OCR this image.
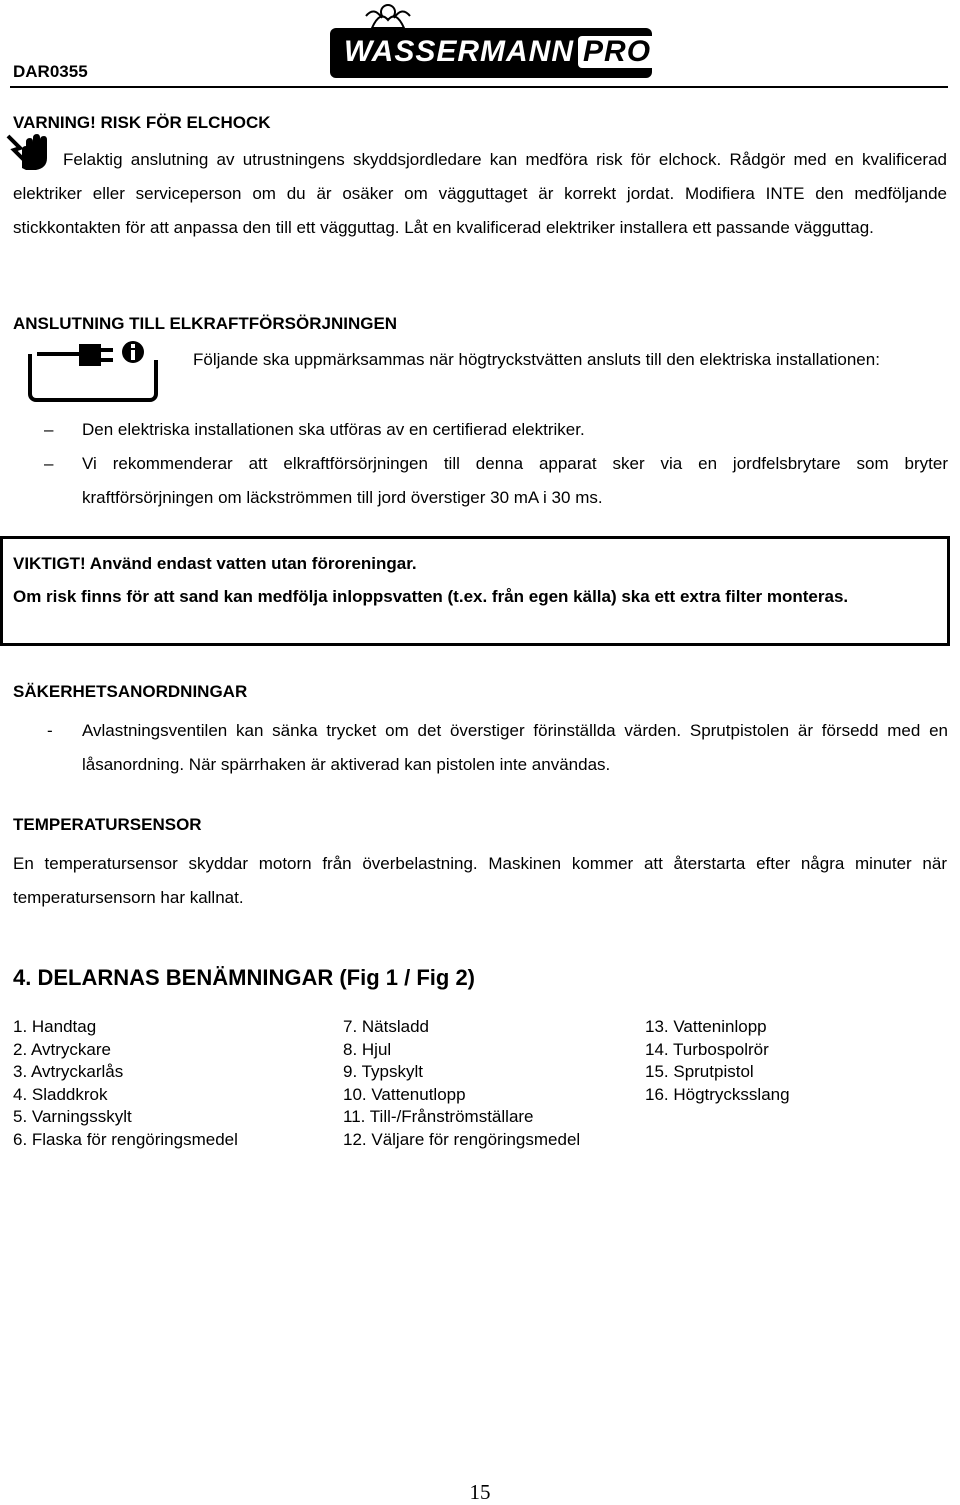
DAR0355
WASSERMANN PRO
VARNING! RISK FÖR ELCHOCK
Felaktig anslutning av utrustningens skyddsjordledare kan medföra risk för elchock. Rådgör med en kvalificerad elektriker eller serviceperson om du är osäker om vägguttaget är korrekt jordat. Modifiera INTE den medföljande stickkontakten för att anpassa den till ett vägguttag. Låt en kvalificerad elektriker installera ett passande vägguttag.
ANSLUTNING TILL ELKRAFTFÖRSÖRJNINGEN
Följande ska uppmärksammas när högtryckstvätten ansluts till den elektriska installationen:
– Den elektriska installationen ska utföras av en certifierad elektriker.
– Vi rekommenderar att elkraftförsörjningen till denna apparat sker via en jordfelsbrytare som bryter kraftförsörjningen om läckströmmen till jord överstiger 30 mA i 30 ms.
VIKTIGT! Använd endast vatten utan föroreningar.
Om risk finns för att sand kan medfölja inloppsvatten (t.ex. från egen källa) ska ett extra filter monteras.
SÄKERHETSANORDNINGAR
- Avlastningsventilen kan sänka trycket om det överstiger förinställda värden. Sprutpistolen är försedd med en låsanordning. När spärrhaken är aktiverad kan pistolen inte användas.
TEMPERATURSENSOR
En temperatursensor skyddar motorn från överbelastning. Maskinen kommer att återstarta efter några minuter när temperatursensorn har kallnat.
4. DELARNAS BENÄMNINGAR (Fig 1 / Fig 2)
1. Handtag
2. Avtryckare
3. Avtryckarlås
4. Sladdkrok
5. Varningsskylt
6. Flaska för rengöringsmedel
7. Nätsladd
8. Hjul
9. Typskylt
10. Vattenutlopp
11. Till-/Frånströmställare
12. Väljare för rengöringsmedel
13. Vatteninlopp
14. Turbospolrör
15. Sprutpistol
16. Högtrycksslang
15
